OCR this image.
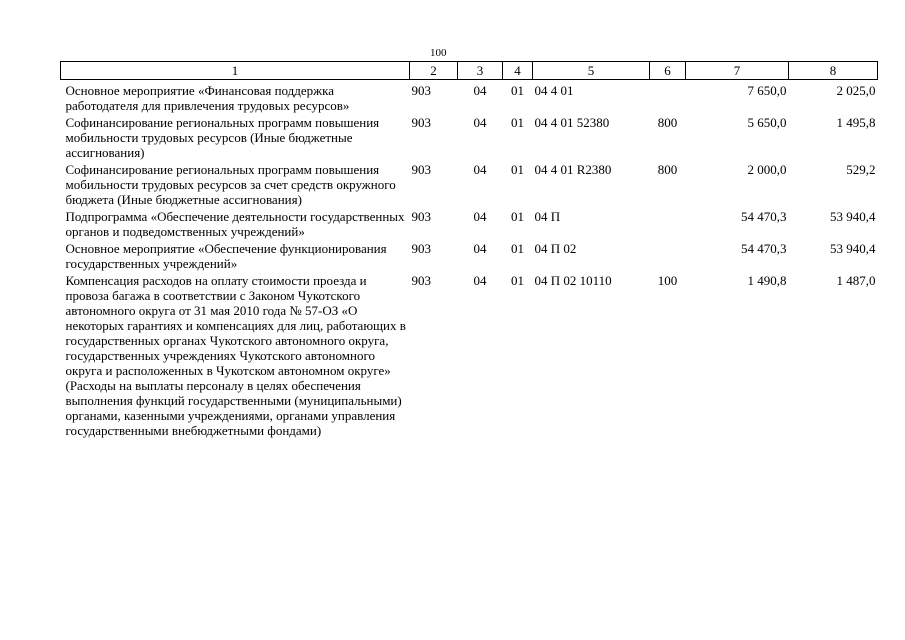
100
1	2	3	4	5	6	7	8
Основное мероприятие «Финансовая поддержка работодателя для привлечения трудовых ресурсов»	903	04	01	04 4 01		7 650,0	2 025,0
Софинансирование региональных программ повышения мобильности трудовых ресурсов (Иные бюджетные ассигнования)	903	04	01	04 4 01 52380	800	5 650,0	1 495,8
Софинансирование региональных программ повышения мобильности трудовых ресурсов за счет средств окружного бюджета (Иные бюджетные ассигнования)	903	04	01	04 4 01 R2380	800	2 000,0	529,2
Подпрограмма «Обеспечение деятельности государственных органов и подведомственных учреждений»	903	04	01	04 П		54 470,3	53 940,4
Основное мероприятие «Обеспечение функционирования государственных учреждений»	903	04	01	04 П 02		54 470,3	53 940,4
Компенсация расходов на оплату стоимости проезда и провоза багажа в соответствии с Законом Чукотского автономного округа от 31 мая 2010 года № 57-ОЗ «О некоторых гарантиях и компенсациях для лиц, работающих в государственных органах Чукотского автономного округа, государственных учреждениях Чукотского автономного округа и расположенных в Чукотском автономном округе» (Расходы на выплаты персоналу в целях обеспечения выполнения функций государственными (муниципальными) органами, казенными учреждениями, органами управления государственными внебюджетными фондами)	903	04	01	04 П 02 10110	100	1 490,8	1 487,0
